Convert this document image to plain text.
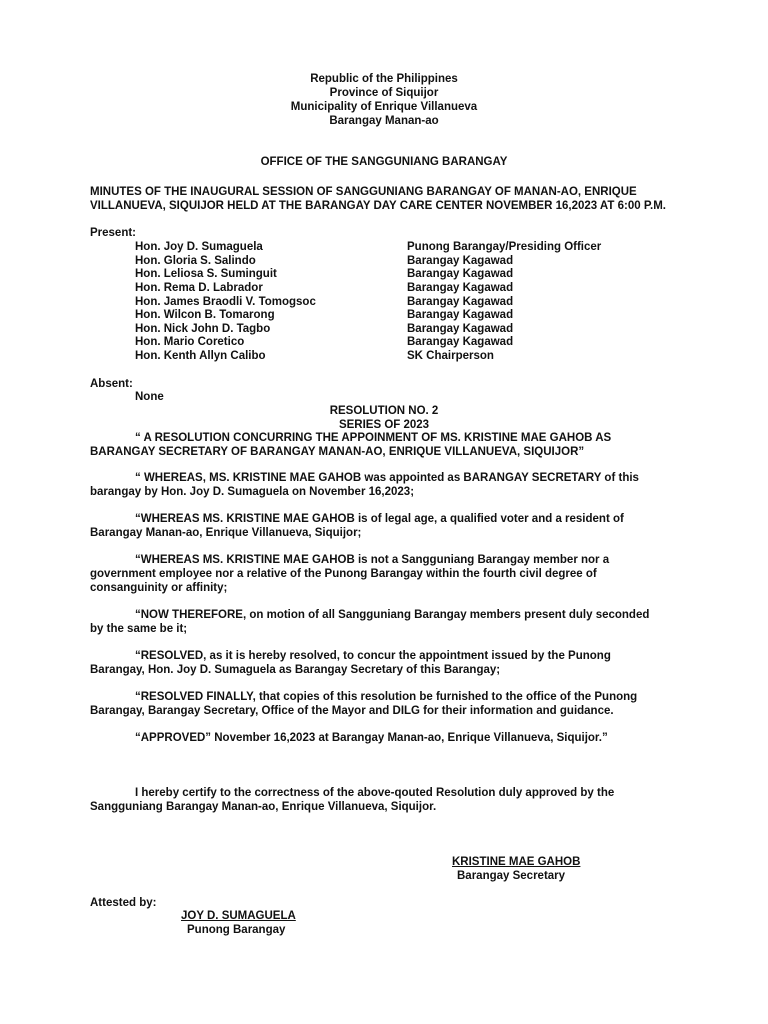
Republic of the Philippines
Province of Siquijor
Municipality of Enrique Villanueva
Barangay Manan-ao
OFFICE OF THE SANGGUNIANG BARANGAY
MINUTES OF THE INAUGURAL SESSION OF SANGGUNIANG BARANGAY OF MANAN-AO, ENRIQUE
VILLANUEVA, SIQUIJOR HELD AT THE BARANGAY DAY CARE CENTER NOVEMBER 16,2023 AT 6:00 P.M.
Present:
Hon. Joy D. Sumaguela	Punong Barangay/Presiding Officer
Hon. Gloria S. Salindo	Barangay Kagawad
Hon. Leliosa S. Suminguit	Barangay Kagawad
Hon. Rema D. Labrador	Barangay Kagawad
Hon. James Braodli V. Tomogsoc	Barangay Kagawad
Hon. Wilcon B. Tomarong	Barangay Kagawad
Hon. Nick John D. Tagbo	Barangay Kagawad
Hon. Mario Coretico	Barangay Kagawad
Hon. Kenth Allyn Calibo	SK Chairperson
Absent:
None
RESOLUTION NO. 2
SERIES OF 2023
“ A RESOLUTION CONCURRING THE APPOINMENT OF MS. KRISTINE MAE GAHOB AS
BARANGAY SECRETARY OF BARANGAY MANAN-AO, ENRIQUE VILLANUEVA, SIQUIJOR”
“ WHEREAS, MS. KRISTINE MAE GAHOB was appointed as BARANGAY SECRETARY of this barangay by Hon. Joy D. Sumaguela on November 16,2023;
“WHEREAS MS. KRISTINE MAE GAHOB is of legal age, a qualified voter and a resident of Barangay Manan-ao, Enrique Villanueva, Siquijor;
“WHEREAS MS. KRISTINE MAE GAHOB is not a Sangguniang Barangay member nor a government employee nor a relative of the Punong Barangay within the fourth civil degree of consanguinity or affinity;
“NOW THEREFORE, on motion of all Sangguniang Barangay members present duly seconded by the same be it;
“RESOLVED, as it is hereby resolved, to concur the appointment issued by the Punong Barangay, Hon. Joy D. Sumaguela as Barangay Secretary of this Barangay;
“RESOLVED FINALLY, that copies of this resolution be furnished to the office of the Punong Barangay, Barangay Secretary, Office of the Mayor and DILG for their information and guidance.
“APPROVED” November 16,2023 at Barangay Manan-ao, Enrique Villanueva, Siquijor.”
I hereby certify to the correctness of the above-qouted Resolution duly approved by the Sangguniang Barangay Manan-ao, Enrique Villanueva, Siquijor.
KRISTINE MAE GAHOB
Barangay Secretary
Attested by:
JOY D. SUMAGUELA
Punong Barangay
